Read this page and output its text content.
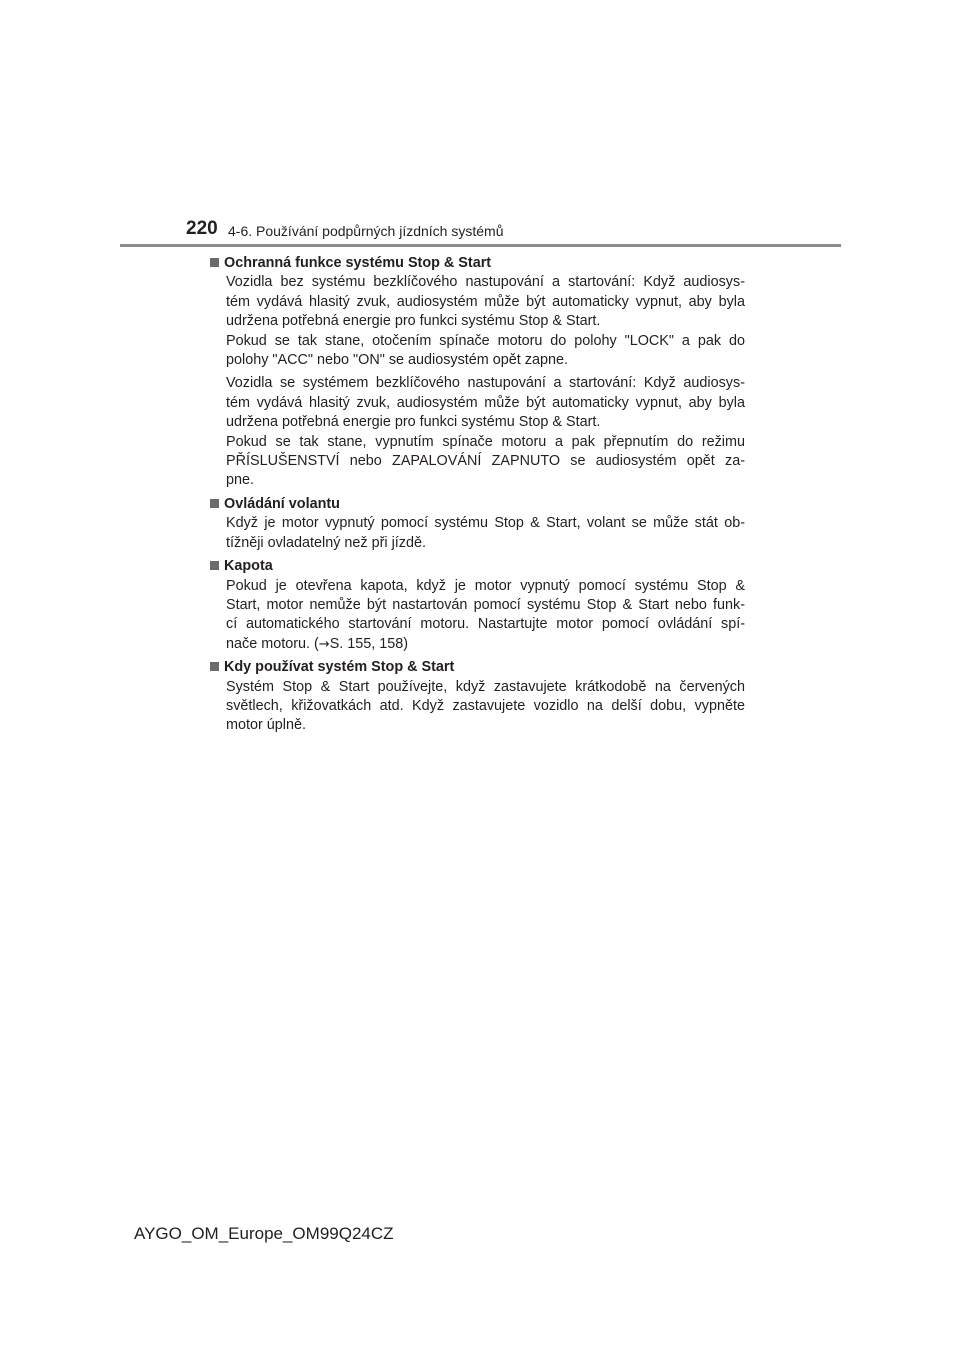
220 4-6. Používání podpůrných jízdních systémů
Ochranná funkce systému Stop & Start
Vozidla bez systému bezklíčového nastupování a startování: Když audiosys-
tém vydává hlasitý zvuk, audiosystém může být automaticky vypnut, aby byla
udržena potřebná energie pro funkci systému Stop & Start.
Pokud se tak stane, otočením spínače motoru do polohy "LOCK" a pak do
polohy "ACC" nebo "ON" se audiosystém opět zapne.
Vozidla se systémem bezklíčového nastupování a startování: Když audiosys-
tém vydává hlasitý zvuk, audiosystém může být automaticky vypnut, aby byla
udržena potřebná energie pro funkci systému Stop & Start.
Pokud se tak stane, vypnutím spínače motoru a pak přepnutím do režimu
PŘÍSLUŠENSTVÍ nebo ZAPALOVÁNÍ ZAPNUTO se audiosystém opět za-
pne.
Ovládání volantu
Když je motor vypnutý pomocí systému Stop & Start, volant se může stát ob-
tížněji ovladatelný než při jízdě.
Kapota
Pokud je otevřena kapota, když je motor vypnutý pomocí systému Stop &
Start, motor nemůže být nastartován pomocí systému Stop & Start nebo funk-
cí automatického startování motoru. Nastartujte motor pomocí ovládání spí-
nače motoru. (→S. 155, 158)
Kdy používat systém Stop & Start
Systém Stop & Start používejte, když zastavujete krátkodobě na červených
světlech, křižovatkách atd. Když zastavujete vozidlo na delší dobu, vypněte
motor úplně.
AYGO_OM_Europe_OM99Q24CZ
